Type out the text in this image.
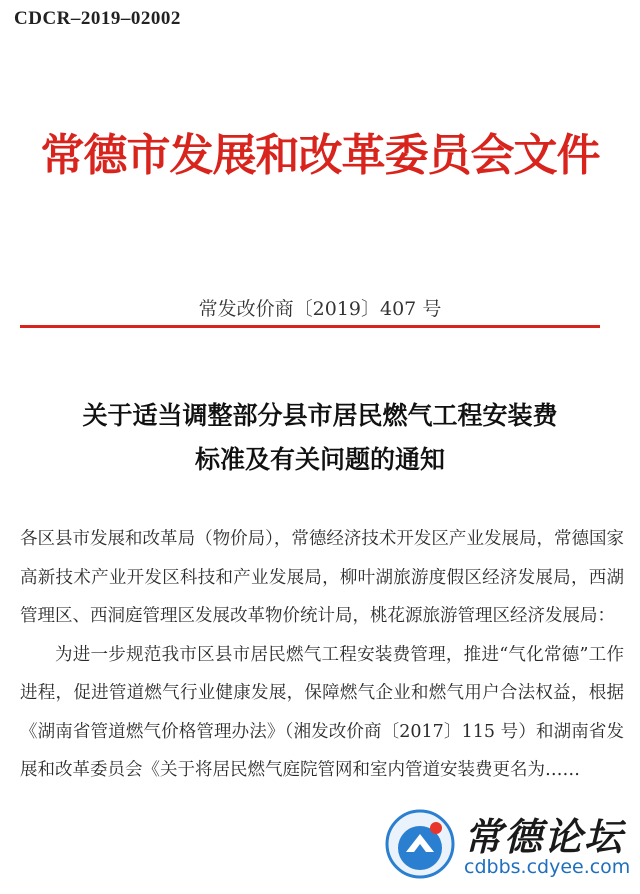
CDCR–2019–02002
常德市发展和改革委员会文件
常发改价商〔2019〕407 号
关于适当调整部分县市居民燃气工程安装费
标准及有关问题的通知

各区县市发展和改革局（物价局），常德经济技术开发区产业发展局，常德国家高新技术产业开发区科技和产业发展局，柳叶湖旅游度假区经济发展局，西湖管理区、西洞庭管理区发展改革物价统计局，桃花源旅游管理区经济发展局：

为进一步规范我市区县市居民燃气工程安装费管理，推进“气化常德”工作进程，促进管道燃气行业健康发展，保障燃气企业和燃气用户合法权益，根据《湖南省管道燃气价格管理办法》（湘发改价商〔2017〕115 号）和湖南省发展和改革委员会《关于将居民燃气庭院管网和室内管道安装费更名为……

常德论坛
cdbbs.cdyee.com
